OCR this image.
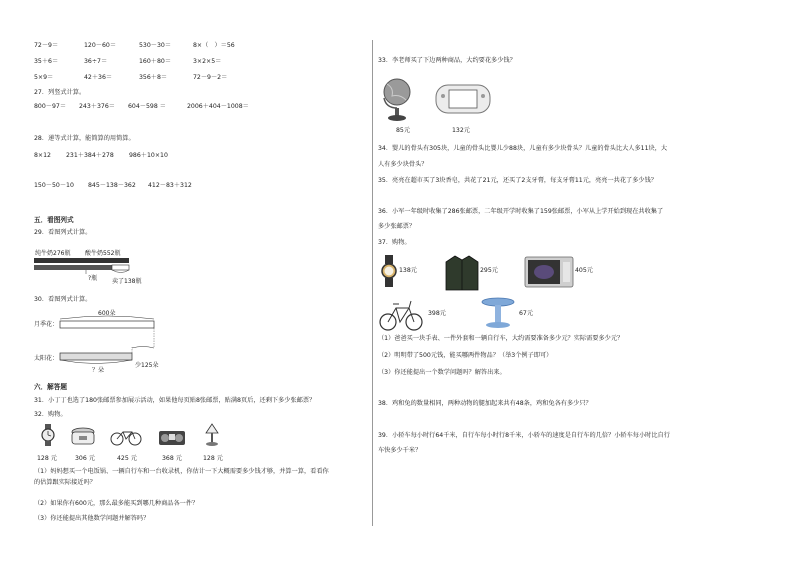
72－9＝	120－60＝	530－30＝	8×（　）＝56
35＋6＝	36÷7＝	160＋80＝	3×2×5＝
5×9＝	42＋36＝	356＋8＝	72－9－2＝
27．列竖式计算。
800－97＝ 243＋376＝ 604－598 ＝	2006＋404－1008＝
28．递等式计算，能简算的用简算。
8×12 231＋384＋278 986＋10×10
150－50－10 845－138－362 412－83＋312
五．看图列式
29．看图列式计算。
纯牛奶276瓶 酸牛奶552瓶
?瓶 卖了138瓶
30．看图列式计算。
600朵
月季花：
太阳花：
少125朵
？朵
六．解答题
31．小丁丁也选了180张邮票参加展示活动，如果他每页贴8张邮票，贴满8页后，还剩下多少张邮票？
32．购物。
128 元	306 元	425 元	368 元	128 元
（1）妈妈想买一个电饭锅、一辆自行车和一台收录机，你估计一下大概需要多少钱才够，并算一算，看看你
的估算跟实际接近吗？
（2）如果你有600元，那么最多能买到哪几种商品各一件？
（3）你还能提出其他数学问题并解答吗？
33．李老师买了下边两种商品，大约要花多少钱？
85元	132元
34．婴儿的骨头有305块，儿童的骨头比婴儿少88块，儿童有多少块骨头？儿童的骨头比大人多11块，大
人有多少块骨头？
35．亮亮在超市买了3块香皂，共花了21元，还买了2支牙膏，每支牙膏11元，亮亮一共花了多少钱？
36．小军一年级时收集了286张邮票，二年级开学时收集了159张邮票，小军从上学开始到现在共收集了
多少张邮票？
37．购物。
138元	295元	405元
398元	67元
（1）爸爸买一块手表、一件外套和一辆自行车，大约需要准备多少元？实际需要多少元？
（2）明明带了500元钱，能买哪两件物品？（举3个例子即可）
（3）你还能提出一个数学问题吗？解答出来。
38．鸡和兔的数量相同，两种动物的腿加起来共有48条，鸡和兔各有多少只？
39．小轿车每小时行64千米，自行车每小时行8千米，小轿车的速度是自行车的几倍？小轿车每小时比自行
车快多少千米？
